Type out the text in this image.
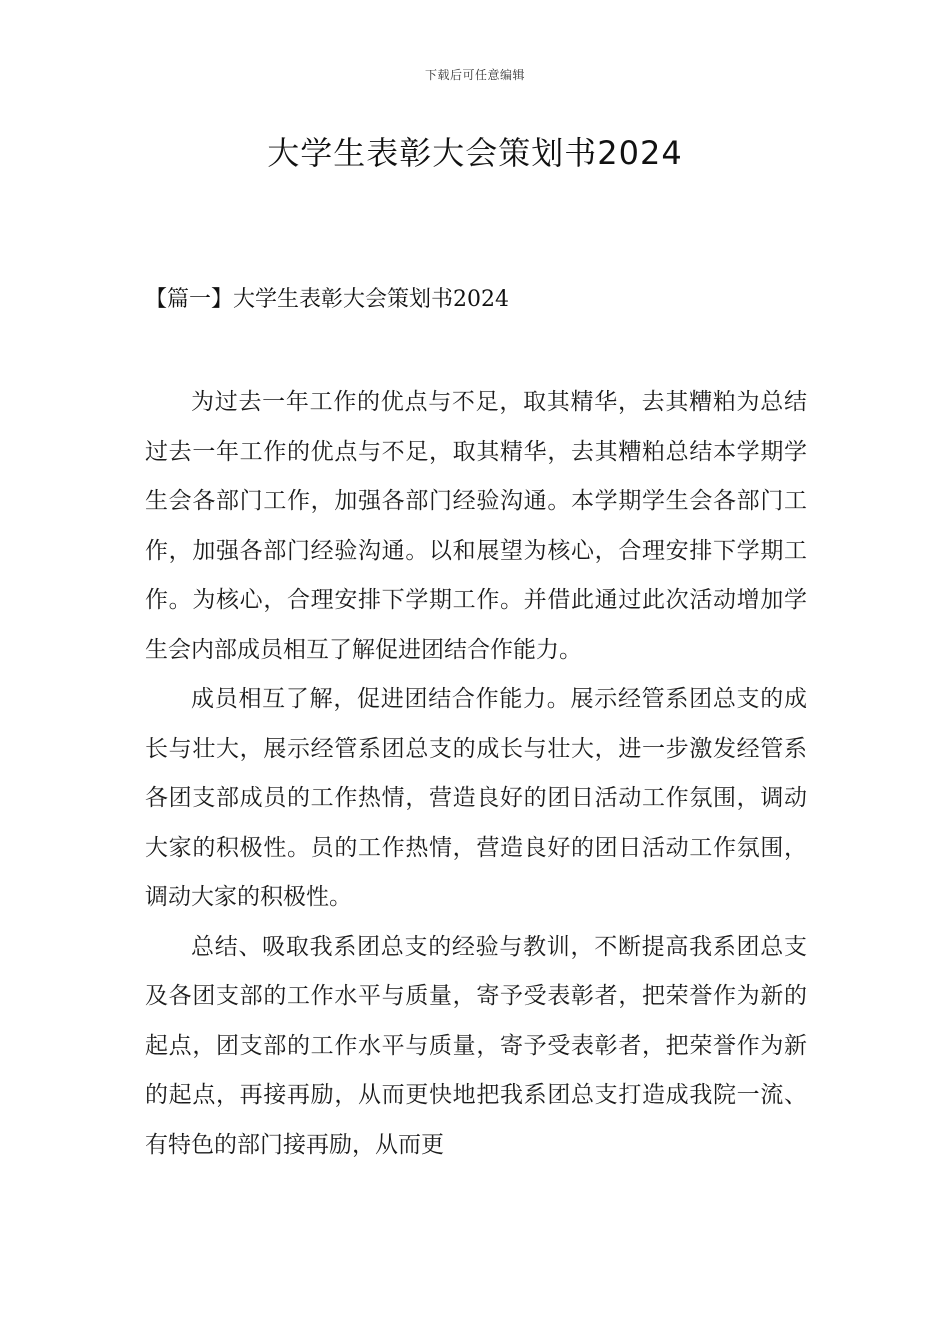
下载后可任意编辑
大学生表彰大会策划书2024
【篇一】大学生表彰大会策划书2024

为过去一年工作的优点与不足，取其精华，去其糟粕为总结过去一年工作的优点与不足，取其精华，去其糟粕总结本学期学生会各部门工作，加强各部门经验沟通。本学期学生会各部门工作，加强各部门经验沟通。以和展望为核心，合理安排下学期工作。为核心，合理安排下学期工作。并借此通过此次活动增加学生会内部成员相互了解促进团结合作能力。

成员相互了解，促进团结合作能力。展示经管系团总支的成长与壮大，展示经管系团总支的成长与壮大，进一步激发经管系各团支部成员的工作热情，营造良好的团日活动工作氛围，调动大家的积极性。员的工作热情，营造良好的团日活动工作氛围，调动大家的积极性。

总结、吸取我系团总支的经验与教训，不断提高我系团总支及各团支部的工作水平与质量，寄予受表彰者，把荣誉作为新的起点，团支部的工作水平与质量，寄予受表彰者，把荣誉作为新的起点，再接再励，从而更快地把我系团总支打造成我院一流、有特色的部门接再励，从而更
